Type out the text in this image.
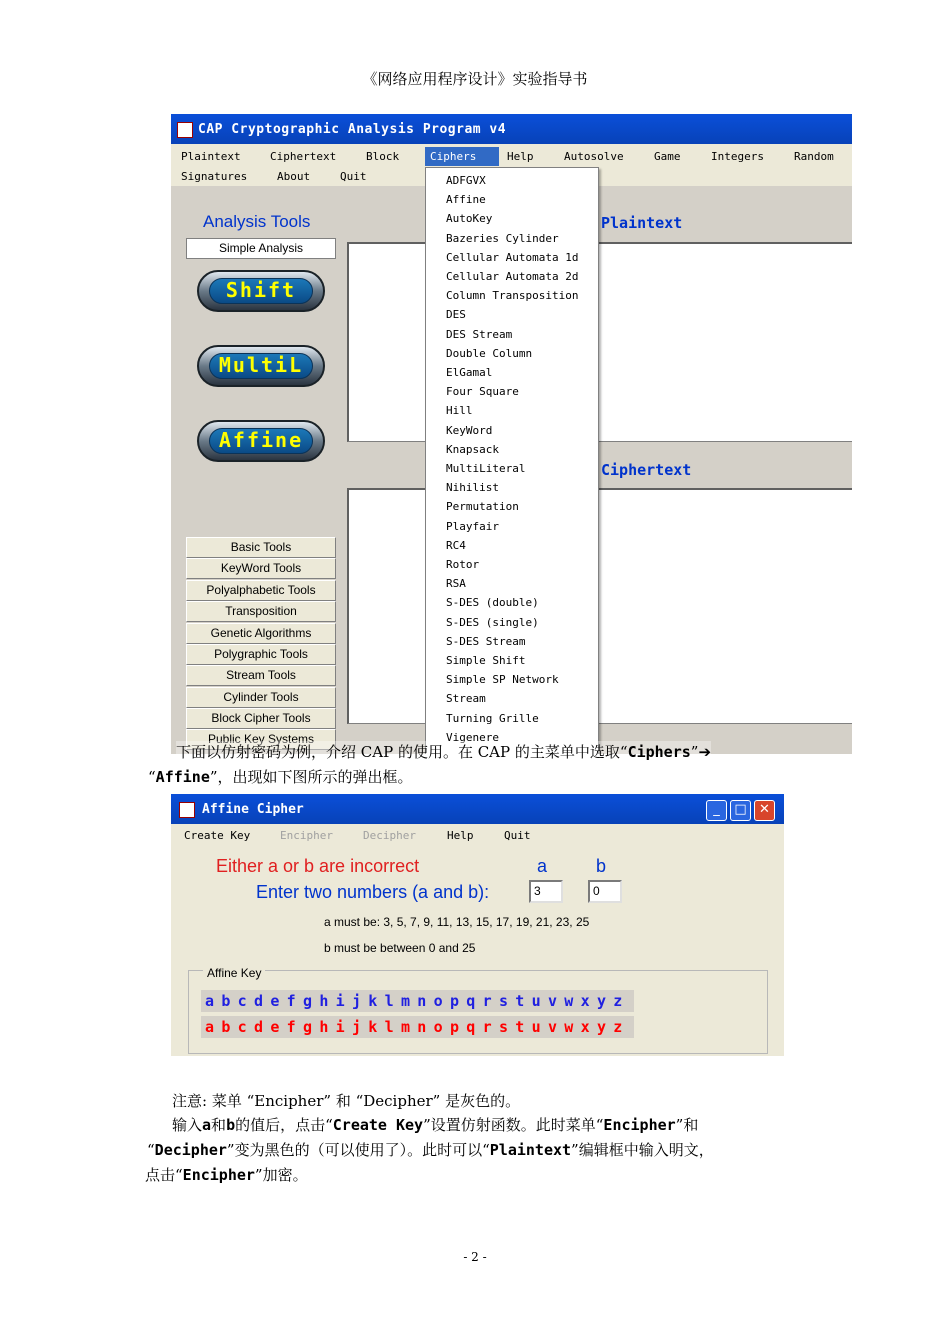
《网络应用程序设计》实验指导书
CAP Cryptographic Analysis Program v4
Plaintext	Ciphertext	Block	Ciphers	Help	Autosolve	Game	Integers	Random
Signatures	About	Quit
Analysis Tools
Simple Analysis
Shift
MultiL
Affine
Basic Tools
KeyWord Tools
Polyalphabetic Tools
Transposition
Genetic Algorithms
Polygraphic Tools
Stream Tools
Cylinder Tools
Block Cipher Tools
Public Key Systems
Plaintext
Ciphertext
ADFGVX
Affine
AutoKey
Bazeries Cylinder
Cellular Automata 1d
Cellular Automata 2d
Column Transposition
DES
DES Stream
Double Column
ElGamal
Four Square
Hill
KeyWord
Knapsack
MultiLiteral
Nihilist
Permutation
Playfair
RC4
Rotor
RSA
S-DES (double)
S-DES (single)
S-DES Stream
Simple Shift
Simple SP Network
Stream
Turning Grille
Vigenere
下面以仿射密码为例，介绍 CAP 的使用。在 CAP 的主菜单中选取“Ciphers”➔
“Affine”，出现如下图所示的弹出框。
Affine Cipher	_	□ ✕
Create Key	Encipher	Decipher	Help	Quit
Either a or b are incorrect	a	b
Enter two numbers (a and b):	3	0
a must be: 3, 5, 7, 9, 11, 13, 15, 17, 19, 21, 23, 25
b must be between 0 and 25
Affine Key
abcdefghijklmnopqrstuvwxyz
abcdefghijklmnopqrstuvwxyz
注意: 菜单 “Encipher” 和 “Decipher” 是灰色的。
输入a和b的值后，点击“Create Key”设置仿射函数。此时菜单“Encipher”和
“Decipher”变为黑色的（可以使用了）。此时可以“Plaintext”编辑框中输入明文，
点击“Encipher”加密。
- 2 -
